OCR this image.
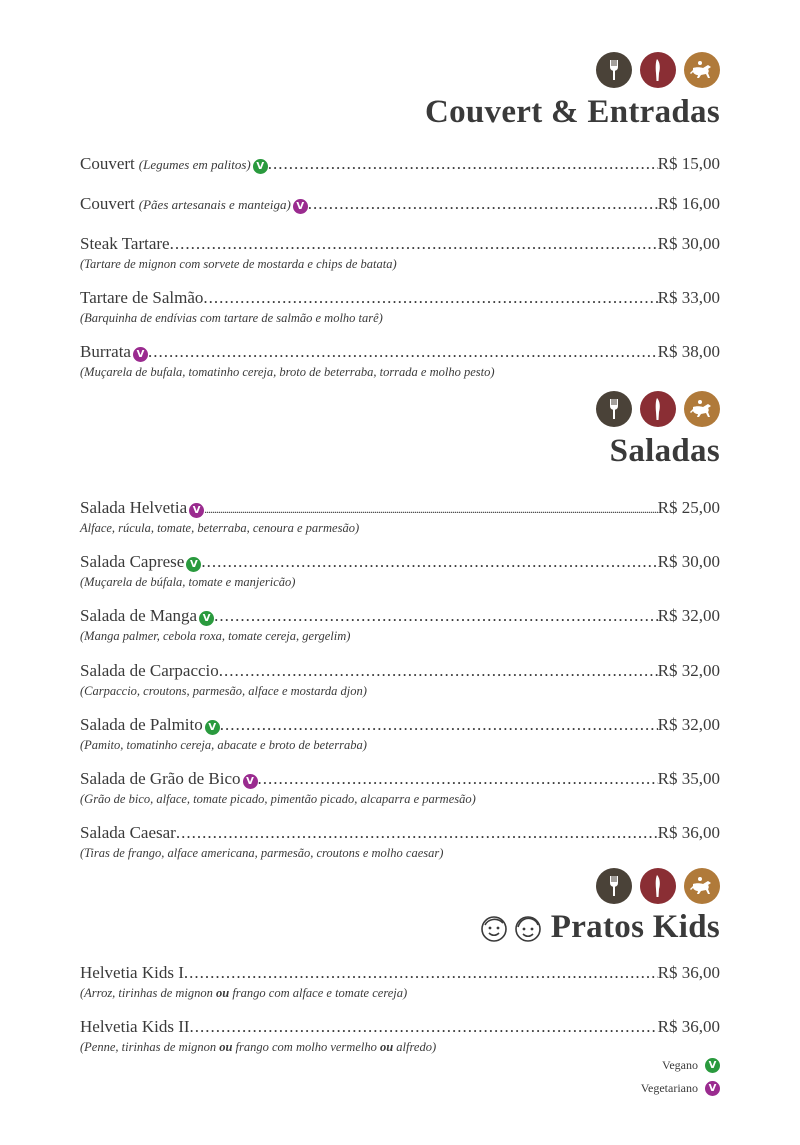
Couvert & Entradas
Couvert (Legumes em palitos) V .....	R$ 15,00
Couvert (Pães artesanais e manteiga) V .....	R$ 16,00
Steak Tartare .....	R$ 30,00
(Tartare de mignon com sorvete de mostarda e chips de batata)
Tartare de Salmão .....	R$ 33,00
(Barquinha de endívias com tartare de salmão e molho tarê)
Burrata V .....	R$ 38,00
(Muçarela de bufala, tomatinho cereja, broto de beterraba, torrada e molho pesto)
Saladas
Salada Helvetia V .....	R$ 25,00
Alface, rúcula, tomate, beterraba, cenoura e parmesão)
Salada Caprese V .....	R$ 30,00
(Muçarela de búfala, tomate e manjericão)
Salada de Manga V .....	R$ 32,00
(Manga palmer, cebola roxa, tomate cereja, gergelim)
Salada de Carpaccio .....	R$ 32,00
(Carpaccio, croutons, parmesão, alface e mostarda djon)
Salada de Palmito V .....	R$ 32,00
(Pamito, tomatinho cereja, abacate e broto de beterraba)
Salada de Grão de Bico V .....	R$ 35,00
(Grão de bico, alface, tomate picado, pimentão picado, alcaparra e parmesão)
Salada Caesar .....	R$ 36,00
(Tiras de frango, alface americana, parmesão, croutons e molho caesar)
Pratos Kids
Helvetia Kids I .....	R$ 36,00
(Arroz, tirinhas de mignon ou frango com alface e tomate cereja)
Helvetia Kids II .....	R$ 36,00
(Penne, tirinhas de mignon ou frango com molho vermelho ou alfredo)
Vegano	V
Vegetariano	V
